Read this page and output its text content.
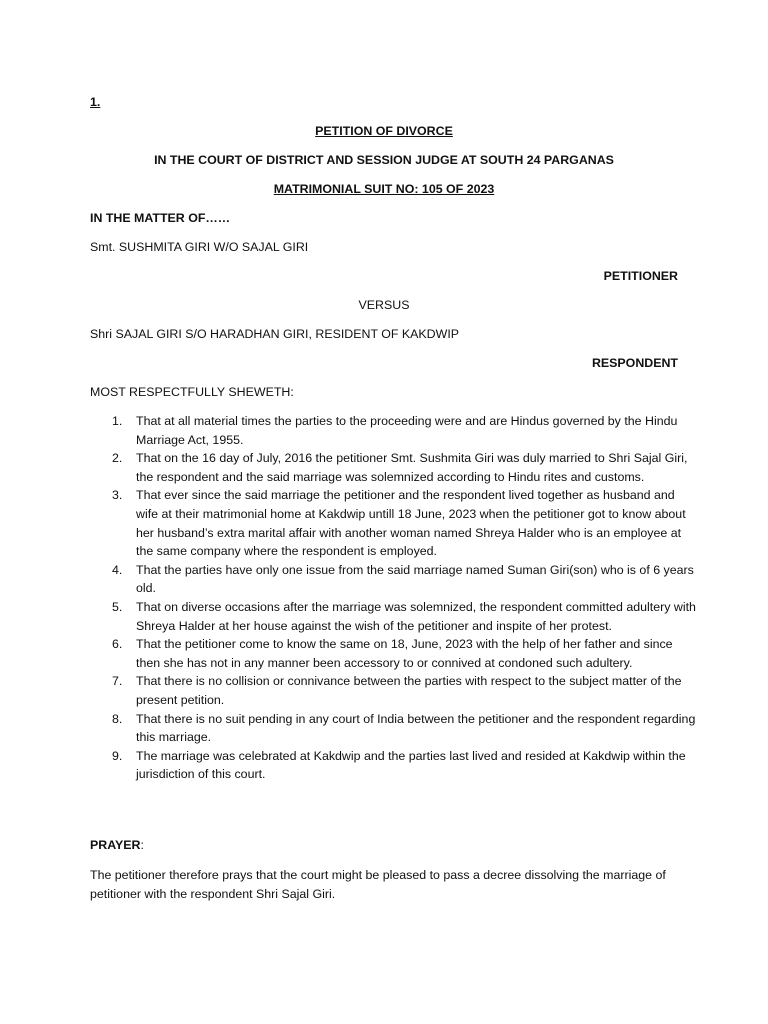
1.
PETITION OF DIVORCE
IN THE COURT OF DISTRICT AND SESSION JUDGE AT SOUTH 24 PARGANAS
MATRIMONIAL SUIT NO: 105 OF 2023
IN THE MATTER OF……
Smt. SUSHMITA GIRI W/O SAJAL GIRI
PETITIONER
VERSUS
Shri SAJAL GIRI S/O HARADHAN GIRI, RESIDENT OF KAKDWIP
RESPONDENT
MOST RESPECTFULLY SHEWETH:
1. That at all material times the parties to the proceeding were and are Hindus governed by the Hindu Marriage Act, 1955.
2. That on the 16 day of July, 2016 the petitioner Smt. Sushmita Giri was duly married to Shri Sajal Giri, the respondent and the said marriage was solemnized according to Hindu rites and customs.
3. That ever since the said marriage the petitioner and the respondent lived together as husband and wife at their matrimonial home at Kakdwip untill 18 June, 2023 when the petitioner got to know about her husband’s extra marital affair with another woman named Shreya Halder who is an employee at the same company where the respondent is employed.
4. That the parties have only one issue from the said marriage named Suman Giri(son) who is of 6 years old.
5. That on diverse occasions after the marriage was solemnized, the respondent committed adultery with Shreya Halder at her house against the wish of the petitioner and inspite of her protest.
6. That the petitioner come to know the same on 18, June, 2023 with the help of her father and since then she has not in any manner been accessory to or connived at condoned such adultery.
7. That there is no collision or connivance between the parties with respect to the subject matter of the present petition.
8. That there is no suit pending in any court of India between the petitioner and the respondent regarding this marriage.
9. The marriage was celebrated at Kakdwip and the parties last lived and resided at Kakdwip within the jurisdiction of this court.
PRAYER:
The petitioner therefore prays that the court might be pleased to pass a decree dissolving the marriage of petitioner with the respondent Shri Sajal Giri.
